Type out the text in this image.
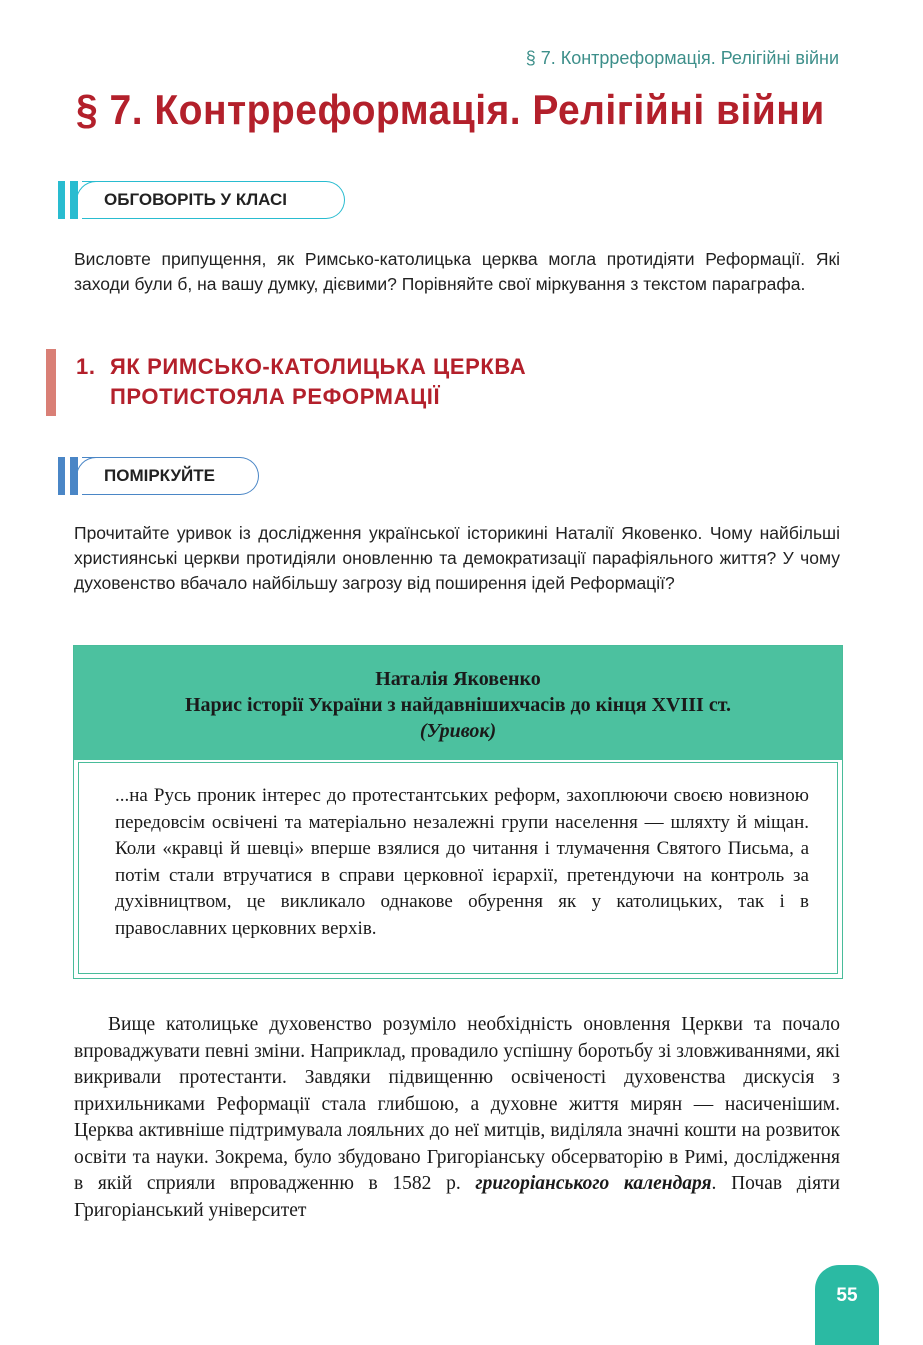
§ 7. Контрреформація. Релігійні війни
§ 7. Контрреформація. Релігійні війни
ОБГОВОРІТЬ У КЛАСІ

Висловте припущення, як Римсько-католицька церква могла протидіяти Реформації. Які заходи були б, на вашу думку, дієвими? Порівняйте свої міркування з текстом параграфа.

1. ЯК РИМСЬКО-КАТОЛИЦЬКА ЦЕРКВА
ПРОТИСТОЯЛА РЕФОРМАЦІЇ
ПОМІРКУЙТЕ

Прочитайте уривок із дослідження української історикині Наталії Яковенко. Чому найбільші християнські церкви протидіяли оновленню та демократизації парафіяльного життя? У чому духовенство вбачало найбільшу загрозу від поширення ідей Реформації?

Наталія Яковенко
Нарис історії України з найдавнішихчасів до кінця XVIII ст.
(Уривок)

...на Русь проник інтерес до протестантських реформ, захоплюючи своєю новизною передовсім освічені та матеріально незалежні групи населення — шляхту й міщан. Коли «кравці й шевці» вперше взялися до читання і тлумачення Святого Письма, а потім стали втручатися в справи церковної ієрархії, претендуючи на контроль за духівництвом, це викликало однакове обурення як у католицьких, так і в православних церковних верхів.

Вище католицьке духовенство розуміло необхідність оновлення Церкви та почало впроваджувати певні зміни. Наприклад, провадило успішну боротьбу зі зловживаннями, які викривали протестанти. Завдяки підвищенню освіченості духовенства дискусія з прихильниками Реформації стала глибшою, а духовне життя мирян — насиченішим. Церква активніше підтримувала лояльних до неї митців, виділяла значні кошти на розвиток освіти та науки. Зокрема, було збудовано Григоріанську обсерваторію в Римі, дослідження в якій сприяли впровадженню в 1582 р. григоріанського календаря. Почав діяти Григоріанський університет

55
